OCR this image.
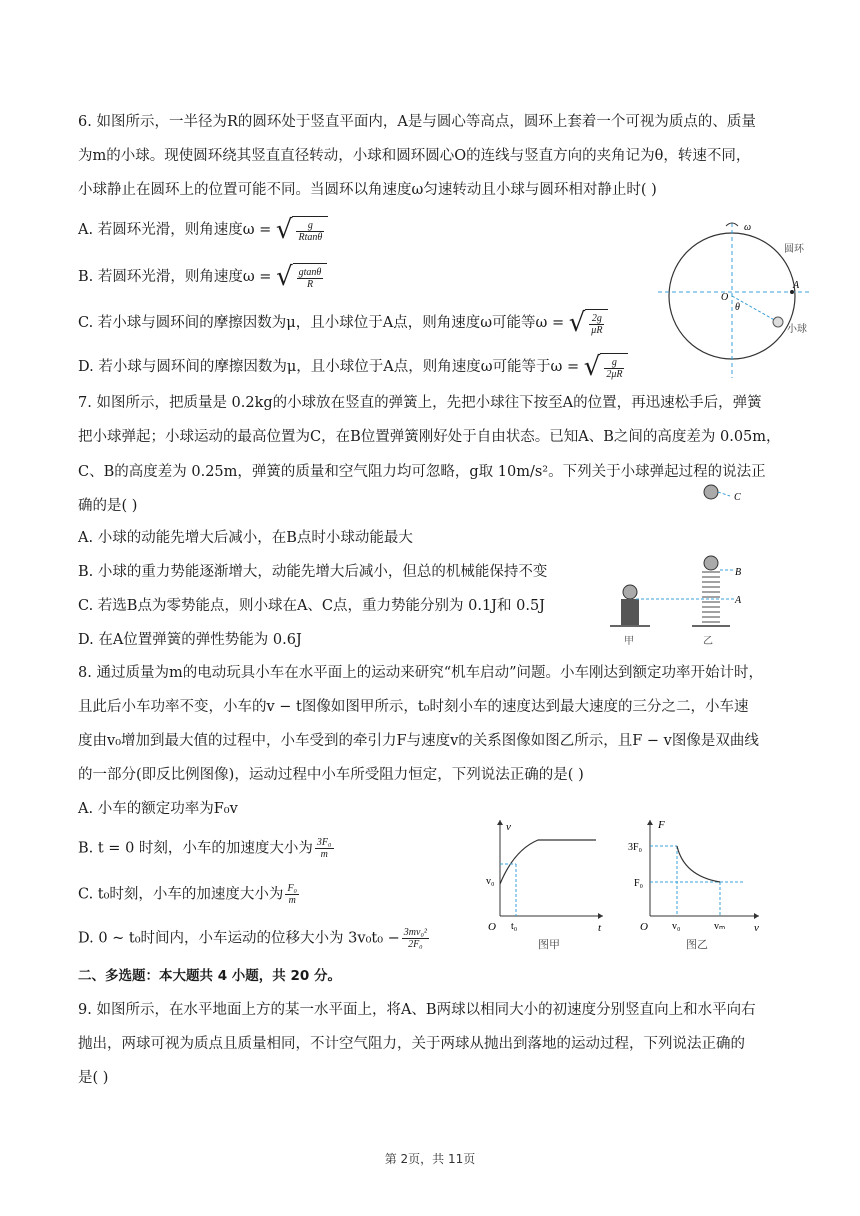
6. 如图所示，一半径为R的圆环处于竖直平面内，A是与圆心等高点，圆环上套着一个可视为质点的、质量
为m的小球。现使圆环绕其竖直直径转动，小球和圆环圆心O的连线与竖直方向的夹角记为θ，转速不同，
小球静止在圆环上的位置可能不同。当圆环以角速度ω匀速转动且小球与圆环相对静止时( )
A. 若圆环光滑，则角速度ω = √ $\frac{g}{Rtan\theta}$
B. 若圆环光滑，则角速度ω = √ $\frac{gtan\theta}{R}$
C. 若小球与圆环间的摩擦因数为μ，且小球位于A点，则角速度ω可能等ω = √ $\frac{2g}{\mu R}$
D. 若小球与圆环间的摩擦因数为μ，且小球位于A点，则角速度ω可能等于ω = √ $\frac{g}{2\mu R}$
ω
圆环
A
O
θ
小球
7. 如图所示，把质量是 0.2kg的小球放在竖直的弹簧上，先把小球往下按至A的位置，再迅速松手后，弹簧
把小球弹起；小球运动的最高位置为C，在B位置弹簧刚好处于自由状态。已知A、B之间的高度差为 0.05m，
C、B的高度差为 0.25m，弹簧的质量和空气阻力均可忽略，g取 10m/s²。下列关于小球弹起过程的说法正
确的是( )
A. 小球的动能先增大后减小，在B点时小球动能最大
B. 小球的重力势能逐渐增大，动能先增大后减小，但总的机械能保持不变
C. 若选B点为零势能点，则小球在A、C点，重力势能分别为 0.1J和 0.5J
D. 在A位置弹簧的弹性势能为 0.6J
C
甲	乙
B
A
8. 通过质量为m的电动玩具小车在水平面上的运动来研究“机车启动”问题。小车刚达到额定功率开始计时，
且此后小车功率不变，小车的v − t图像如图甲所示，t₀时刻小车的速度达到最大速度的三分之二，小车速
度由v₀增加到最大值的过程中，小车受到的牵引力F与速度v的关系图像如图乙所示，且F − v图像是双曲线
的一部分(即反比例图像)，运动过程中小车所受阻力恒定，下列说法正确的是( )
A. 小车的额定功率为F₀v
B. t = 0 时刻，小车的加速度大小为 $\frac{\text{3F₀}}{m}$
C. t₀时刻，小车的加速度大小为 $\frac{\text{F₀}}{m}$
D. 0 ~ t₀时间内，小车运动的位移大小为 $3v_0t_0 - \frac{\text{3mv₀²}}{\text{2F₀}}$
v
t
O
v₀
t₀
图甲
F
v
O
3F₀
F₀
v₀	vₘ
图乙
二、多选题：本大题共 4 小题，共 20 分。
9. 如图所示，在水平地面上方的某一水平面上，将A、B两球以相同大小的初速度分别竖直向上和水平向右
抛出，两球可视为质点且质量相同，不计空气阻力，关于两球从抛出到落地的运动过程，下列说法正确的
是( )
第 2页，共 11页
